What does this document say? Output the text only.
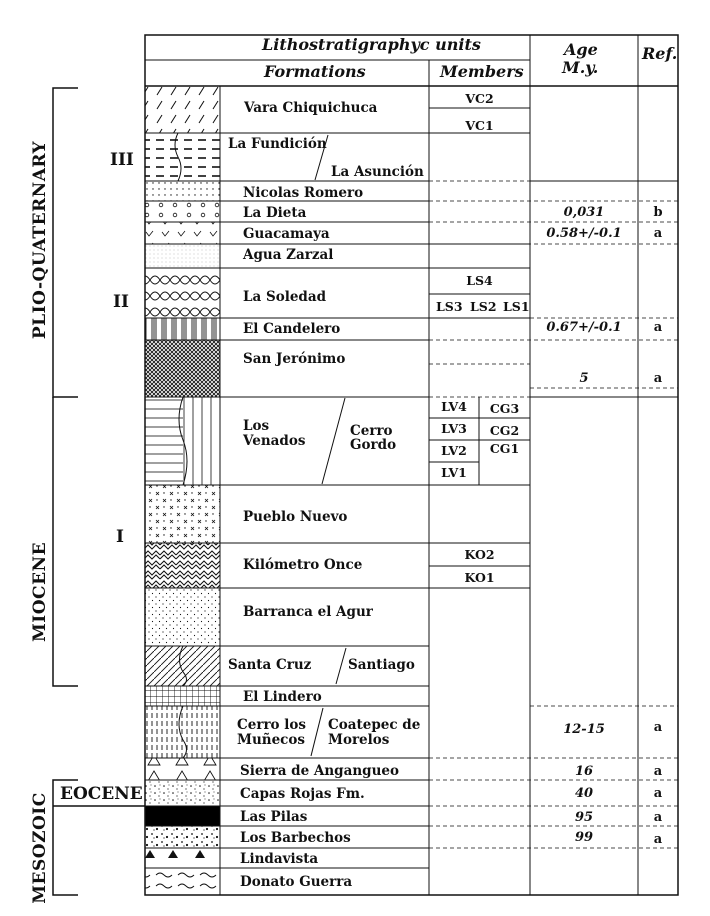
Lithostratigraphyc units
Formations	Members
Age
M.y.
Ref.
PLIO-QUATERNARY
MIOCENE
MESOZOIC EOCENE
III
II
I
Vara Chiquichuca
La Fundición
La Asunción
Nicolas Romero
La Dieta
Guacamaya
Agua Zarzal
La Soledad
El Candelero
San Jerónimo
Los
Venados
Cerro
Gordo
Pueblo Nuevo
Kilómetro Once
Barranca el Agur
Santa Cruz	Santiago
El Lindero
Cerro los
Muñecos
Coatepec de
Morelos
Sierra de Angangueo
Capas Rojas Fm.
Las Pilas
Los Barbechos
Lindavista
Donato Guerra
VC2
VC1
LS4
LS3 LS2 LS1
LV4
LV3
LV2
LV1
CG3
CG2
CG1
KO2
KO1
0,031
0.58+/-0.1
0.67+/-0.1
5
12-15
16
40
95
99
b
a
a
a
a
a
a
a
a
